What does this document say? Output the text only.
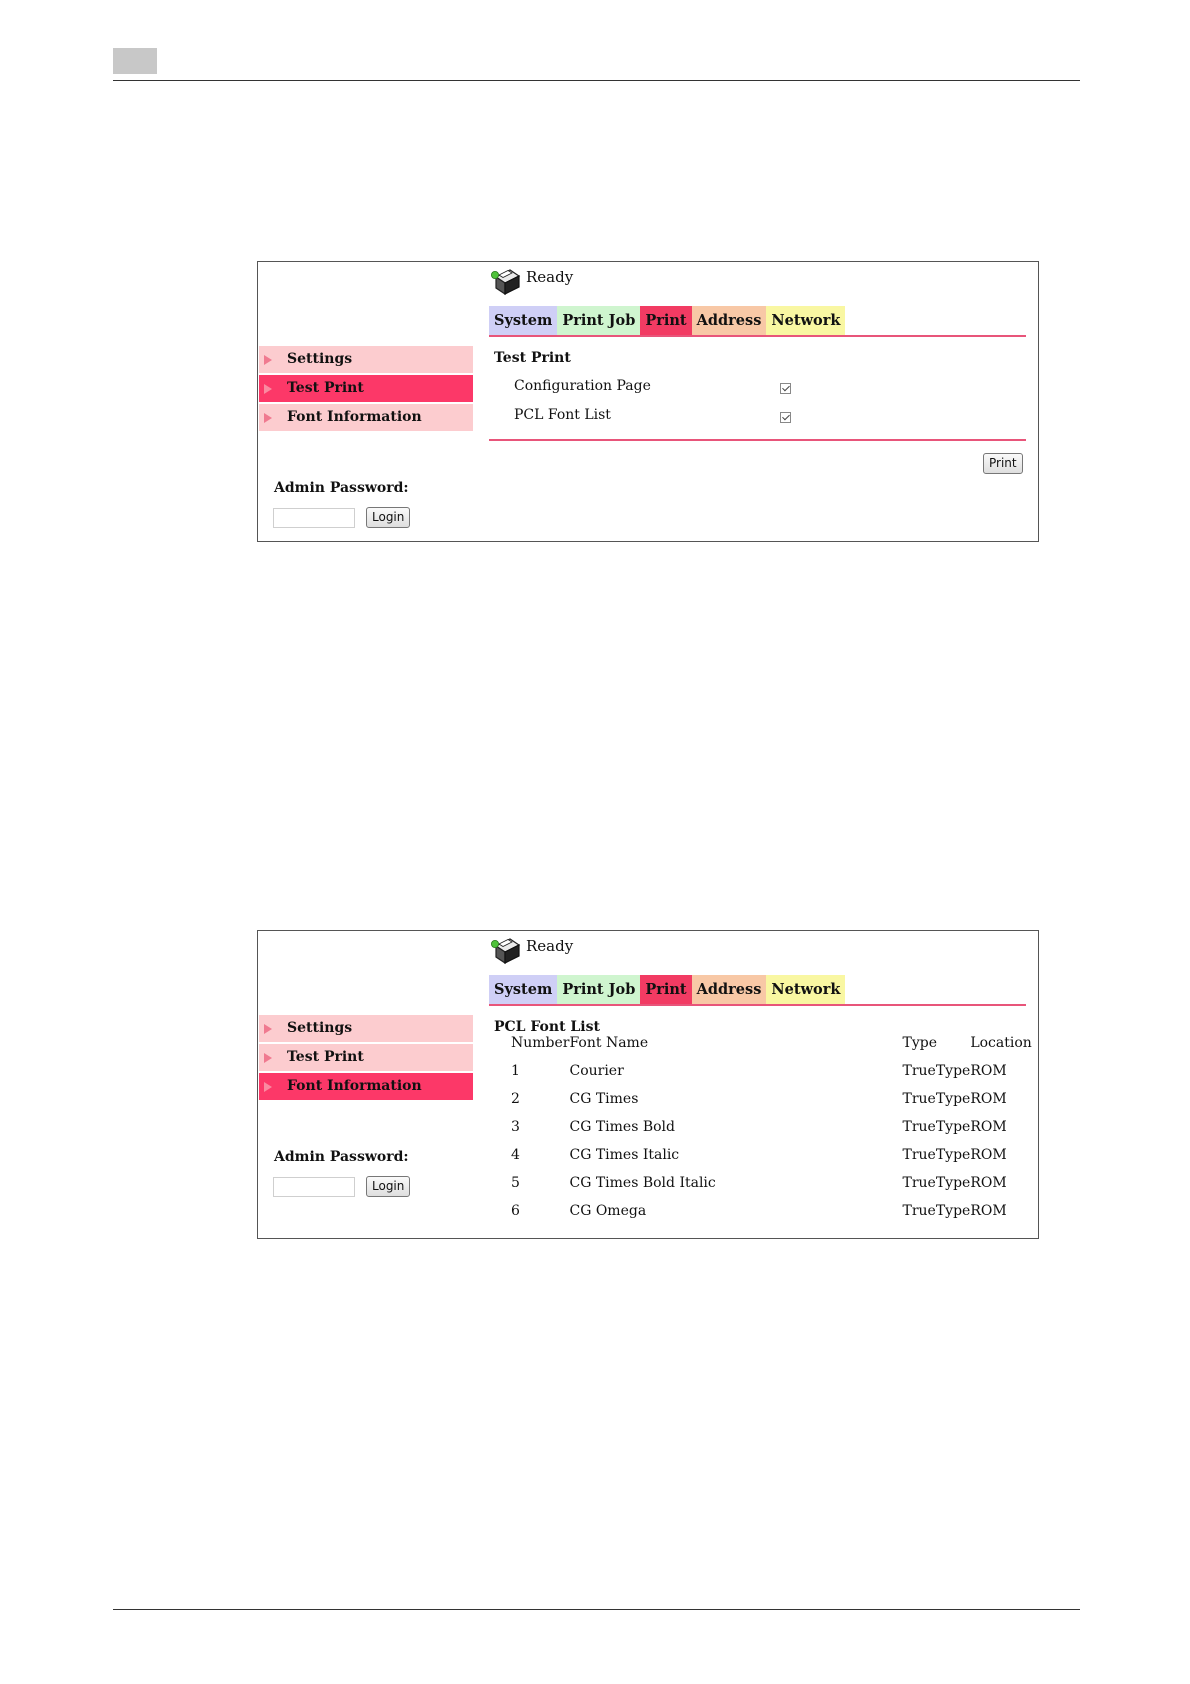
Ready
System Print Job Print Address Network
Settings
Test Print
Font Information
Test Print
Configuration Page
PCL Font List
Print
Admin Password:
Login
Ready
System Print Job Print Address Network
Settings
Test Print
Font Information
PCL Font List
Number	Font Name	Type	Location
1	Courier	TrueType	ROM
2	CG Times	TrueType	ROM
3	CG Times Bold	TrueType	ROM
4	CG Times Italic	TrueType	ROM
5	CG Times Bold Italic	TrueType	ROM
6	CG Omega	TrueType	ROM
Admin Password:
Login
